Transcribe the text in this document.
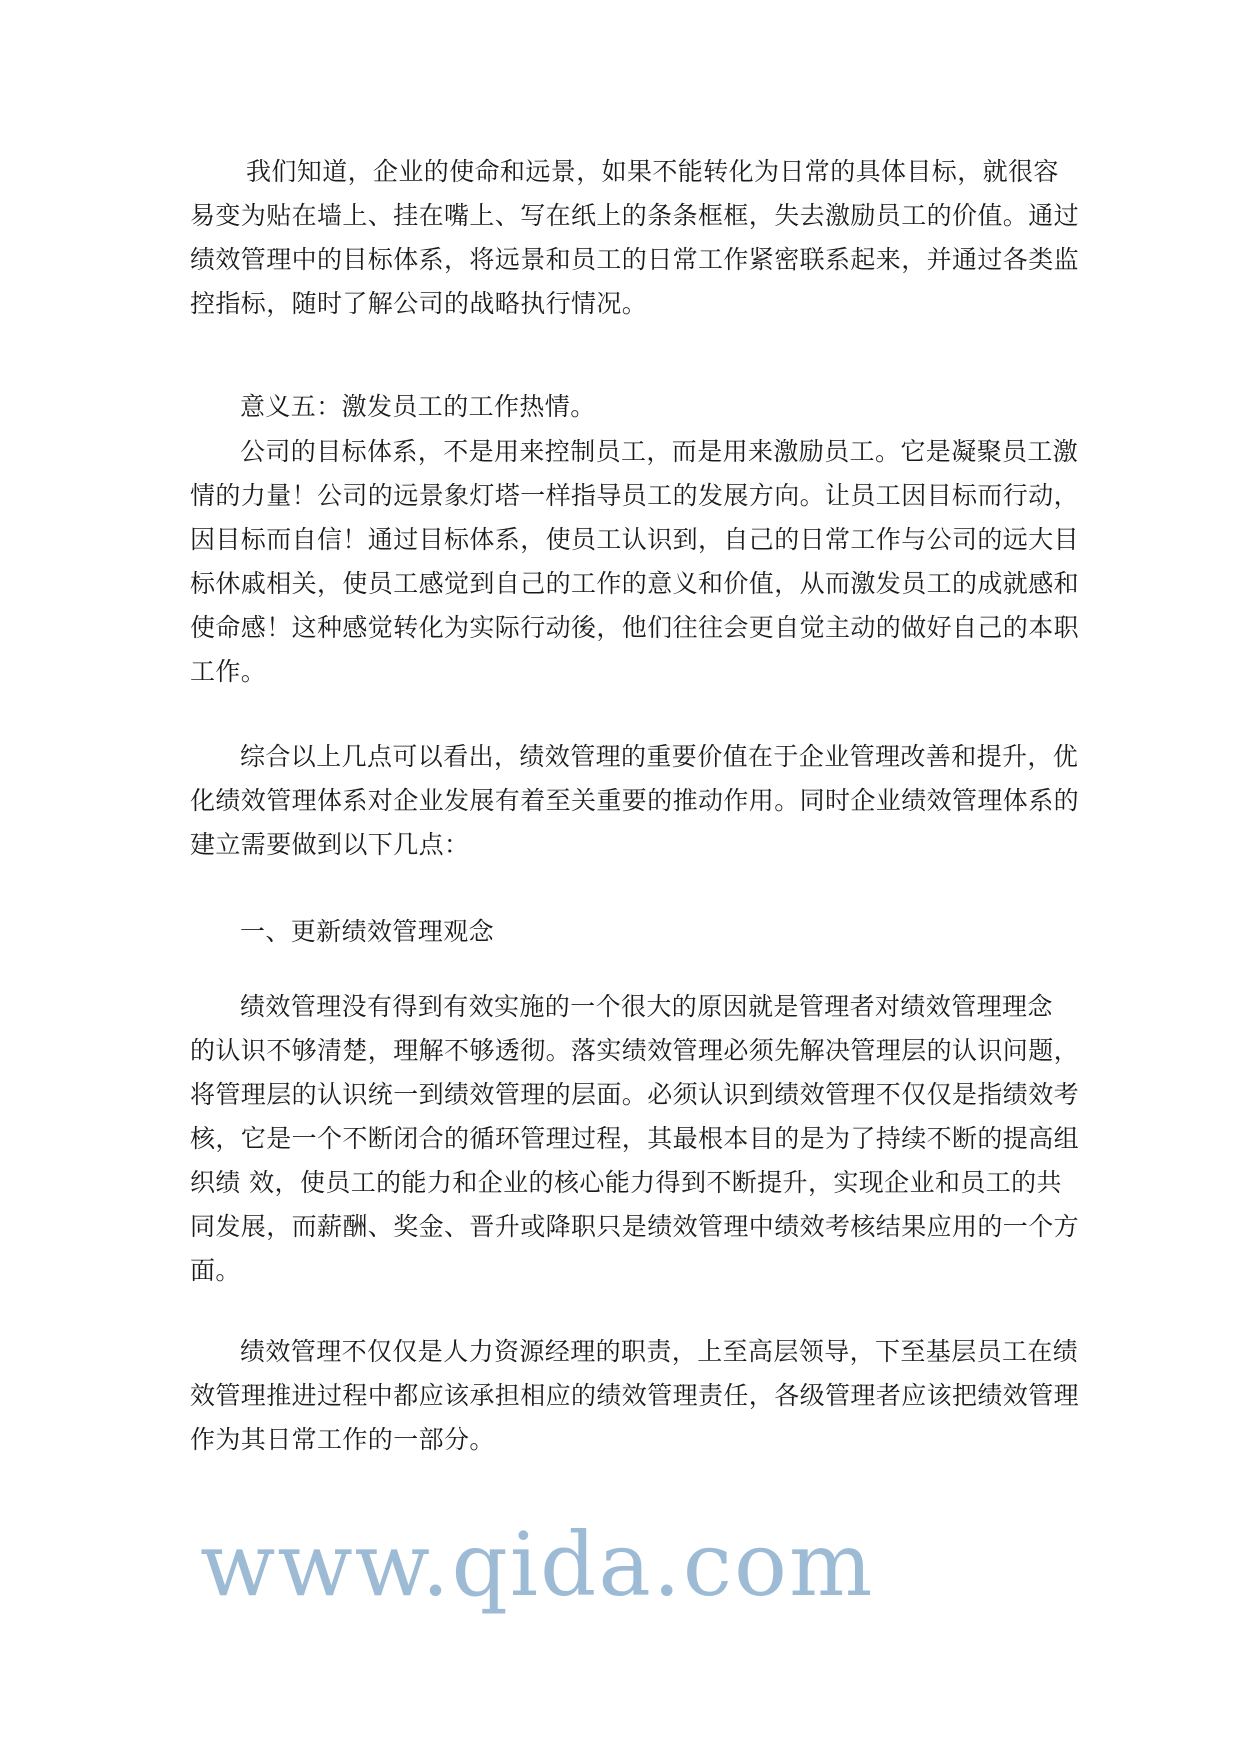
我们知道，企业的使命和远景，如果不能转化为日常的具体目标，就很容
易变为贴在墙上、挂在嘴上、写在纸上的条条框框，失去激励员工的价值。通过
绩效管理中的目标体系，将远景和员工的日常工作紧密联系起来，并通过各类监
控指标，随时了解公司的战略执行情况。
意义五：激发员工的工作热情。
公司的目标体系，不是用来控制员工，而是用来激励员工。它是凝聚员工激
情的力量！公司的远景象灯塔一样指导员工的发展方向。让员工因目标而行动，
因目标而自信！通过目标体系，使员工认识到，自己的日常工作与公司的远大目
标休戚相关，使员工感觉到自己的工作的意义和价值，从而激发员工的成就感和
使命感！这种感觉转化为实际行动後，他们往往会更自觉主动的做好自己的本职
工作。
综合以上几点可以看出，绩效管理的重要价值在于企业管理改善和提升，优
化绩效管理体系对企业发展有着至关重要的推动作用。同时企业绩效管理体系的
建立需要做到以下几点：
一、更新绩效管理观念
绩效管理没有得到有效实施的一个很大的原因就是管理者对绩效管理理念
的认识不够清楚，理解不够透彻。落实绩效管理必须先解决管理层的认识问题，
将管理层的认识统一到绩效管理的层面。必须认识到绩效管理不仅仅是指绩效考
核，它是一个不断闭合的循环管理过程，其最根本目的是为了持续不断的提高组
织绩 效，使员工的能力和企业的核心能力得到不断提升，实现企业和员工的共
同发展，而薪酬、奖金、晋升或降职只是绩效管理中绩效考核结果应用的一个方
面。
绩效管理不仅仅是人力资源经理的职责，上至高层领导，下至基层员工在绩
效管理推进过程中都应该承担相应的绩效管理责任，各级管理者应该把绩效管理
作为其日常工作的一部分。
www.qida.com
